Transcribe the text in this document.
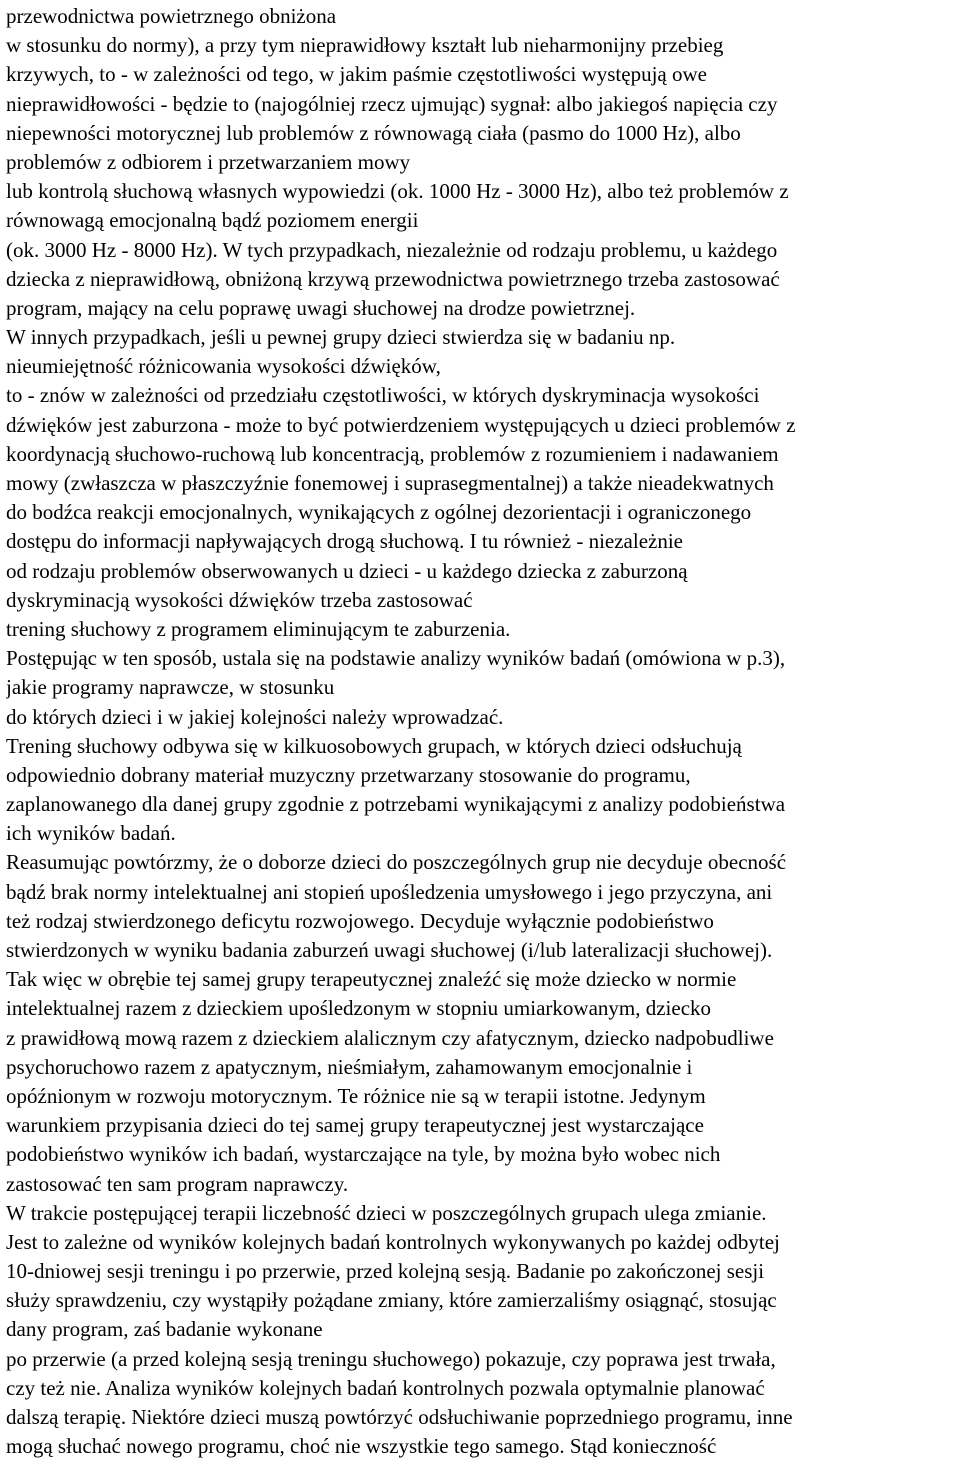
przewodnictwa powietrznego obniżona
w stosunku do normy), a przy tym nieprawidłowy kształt lub nieharmonijny przebieg
krzywych, to - w zależności od tego, w jakim paśmie częstotliwości występują owe
nieprawidłowości - będzie to (najogólniej rzecz ujmując) sygnał: albo jakiegoś napięcia czy
niepewności motorycznej lub problemów z równowagą ciała (pasmo do 1000 Hz), albo
problemów z odbiorem i przetwarzaniem mowy
lub kontrolą słuchową własnych wypowiedzi (ok. 1000 Hz - 3000 Hz), albo też problemów z
równowagą emocjonalną bądź poziomem energii
(ok. 3000 Hz - 8000 Hz). W tych przypadkach, niezależnie od rodzaju problemu, u każdego
dziecka z nieprawidłową, obniżoną krzywą przewodnictwa powietrznego trzeba zastosować
program, mający na celu poprawę uwagi słuchowej na drodze powietrznej.
W innych przypadkach, jeśli u pewnej grupy dzieci stwierdza się w badaniu np.
nieumiejętność różnicowania wysokości dźwięków,
to - znów w zależności od przedziału częstotliwości, w których dyskryminacja wysokości
dźwięków jest zaburzona - może to być potwierdzeniem występujących u dzieci problemów z
koordynacją słuchowo-ruchową lub koncentracją, problemów z rozumieniem i nadawaniem
mowy (zwłaszcza w płaszczyźnie fonemowej i suprasegmentalnej) a także nieadekwatnych
do bodźca reakcji emocjonalnych, wynikających z ogólnej dezorientacji i ograniczonego
dostępu do informacji napływających drogą słuchową. I tu również - niezależnie
od rodzaju problemów obserwowanych u dzieci - u każdego dziecka z zaburzoną
dyskryminacją wysokości dźwięków trzeba zastosować
trening słuchowy z programem eliminującym te zaburzenia.
Postępując w ten sposób, ustala się na podstawie analizy wyników badań (omówiona w p.3),
jakie programy naprawcze, w stosunku
do których dzieci i w jakiej kolejności należy wprowadzać.
Trening słuchowy odbywa się w kilkuosobowych grupach, w których dzieci odsłuchują
odpowiednio dobrany materiał muzyczny przetwarzany stosowanie do programu,
zaplanowanego dla danej grupy zgodnie z potrzebami wynikającymi z analizy podobieństwa
ich wyników badań.
Reasumując powtórzmy, że o doborze dzieci do poszczególnych grup nie decyduje obecność
bądź brak normy intelektualnej ani stopień upośledzenia umysłowego i jego przyczyna, ani
też rodzaj stwierdzonego deficytu rozwojowego. Decyduje wyłącznie podobieństwo
stwierdzonych w wyniku badania zaburzeń uwagi słuchowej (i/lub lateralizacji słuchowej).
Tak więc w obrębie tej samej grupy terapeutycznej znaleźć się może dziecko w normie
intelektualnej razem z dzieckiem upośledzonym w stopniu umiarkowanym, dziecko
z prawidłową mową razem z dzieckiem alalicznym czy afatycznym, dziecko nadpobudliwe
psychoruchowo razem z apatycznym, nieśmiałym, zahamowanym emocjonalnie i
opóźnionym w rozwoju motorycznym. Te różnice nie są w terapii istotne. Jedynym
warunkiem przypisania dzieci do tej samej grupy terapeutycznej jest wystarczające
podobieństwo wyników ich badań, wystarczające na tyle, by można było wobec nich
zastosować ten sam program naprawczy.
W trakcie postępującej terapii liczebność dzieci w poszczególnych grupach ulega zmianie.
Jest to zależne od wyników kolejnych badań kontrolnych wykonywanych po każdej odbytej
10-dniowej sesji treningu i po przerwie, przed kolejną sesją. Badanie po zakończonej sesji
służy sprawdzeniu, czy wystąpiły pożądane zmiany, które zamierzaliśmy osiągnąć, stosując
dany program, zaś badanie wykonane
po przerwie (a przed kolejną sesją treningu słuchowego) pokazuje, czy poprawa jest trwała,
czy też nie. Analiza wyników kolejnych badań kontrolnych pozwala optymalnie planować
dalszą terapię. Niektóre dzieci muszą powtórzyć odsłuchiwanie poprzedniego programu, inne
mogą słuchać nowego programu, choć nie wszystkie tego samego. Stąd konieczność
